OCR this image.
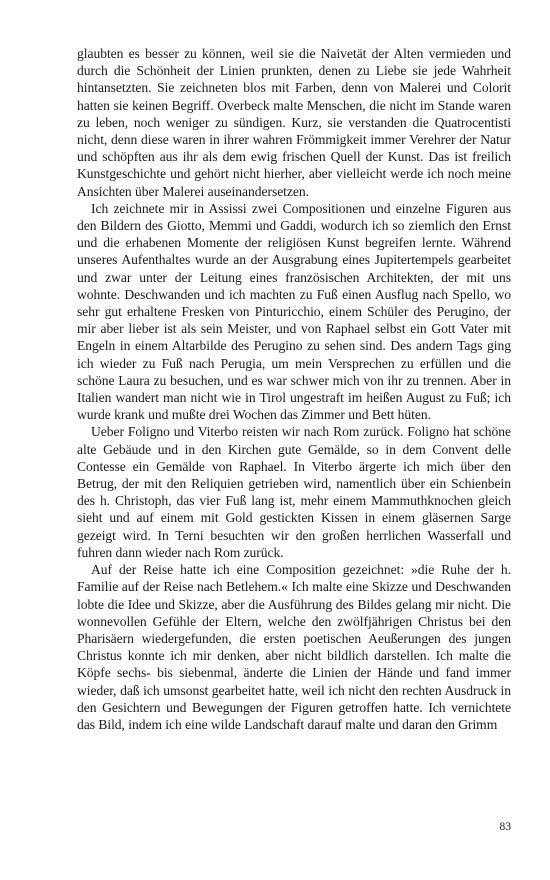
glaubten es besser zu können, weil sie die Naivetät der Alten vermieden und durch die Schönheit der Linien prunkten, denen zu Liebe sie jede Wahrheit hintansetzten. Sie zeichneten blos mit Farben, denn von Malerei und Colorit hatten sie keinen Begriff. Overbeck malte Menschen, die nicht im Stande waren zu leben, noch weniger zu sündigen. Kurz, sie verstanden die Quatrocentisti nicht, denn diese waren in ihrer wahren Frömmigkeit immer Verehrer der Natur und schöpften aus ihr als dem ewig frischen Quell der Kunst. Das ist freilich Kunstgeschichte und gehört nicht hierher, aber vielleicht werde ich noch meine Ansichten über Malerei auseinandersetzen.

Ich zeichnete mir in Assissi zwei Compositionen und einzelne Figuren aus den Bildern des Giotto, Memmi und Gaddi, wodurch ich so ziemlich den Ernst und die erhabenen Momente der religiösen Kunst begreifen lernte. Während unseres Aufenthaltes wurde an der Ausgrabung eines Jupitertempels gearbeitet und zwar unter der Leitung eines französischen Architekten, der mit uns wohnte. Deschwanden und ich machten zu Fuß einen Ausflug nach Spello, wo sehr gut erhaltene Fresken von Pinturicchio, einem Schüler des Perugino, der mir aber lieber ist als sein Meister, und von Raphael selbst ein Gott Vater mit Engeln in einem Altarbilde des Perugino zu sehen sind. Des andern Tags ging ich wieder zu Fuß nach Perugia, um mein Versprechen zu erfüllen und die schöne Laura zu besuchen, und es war schwer mich von ihr zu trennen. Aber in Italien wandert man nicht wie in Tirol ungestraft im heißen August zu Fuß; ich wurde krank und mußte drei Wochen das Zimmer und Bett hüten.

Ueber Foligno und Viterbo reisten wir nach Rom zurück. Foligno hat schöne alte Gebäude und in den Kirchen gute Gemälde, so in dem Convent delle Contesse ein Gemälde von Raphael. In Viterbo ärgerte ich mich über den Betrug, der mit den Reliquien getrieben wird, namentlich über ein Schienbein des h. Christoph, das vier Fuß lang ist, mehr einem Mammuthknochen gleich sieht und auf einem mit Gold gestickten Kissen in einem gläsernen Sarge gezeigt wird. In Terni besuchten wir den großen herrlichen Wasserfall und fuhren dann wieder nach Rom zurück.

Auf der Reise hatte ich eine Composition gezeichnet: »die Ruhe der h. Familie auf der Reise nach Betlehem.« Ich malte eine Skizze und Deschwanden lobte die Idee und Skizze, aber die Ausführung des Bildes gelang mir nicht. Die wonnevollen Gefühle der Eltern, welche den zwölfjährigen Christus bei den Pharisäern wiedergefunden, die ersten poetischen Aeußerungen des jungen Christus konnte ich mir denken, aber nicht bildlich darstellen. Ich malte die Köpfe sechs- bis siebenmal, änderte die Linien der Hände und fand immer wieder, daß ich umsonst gearbeitet hatte, weil ich nicht den rechten Ausdruck in den Gesichtern und Bewegungen der Figuren getroffen hatte. Ich vernichtete das Bild, indem ich eine wilde Landschaft darauf malte und daran den Grimm

83
